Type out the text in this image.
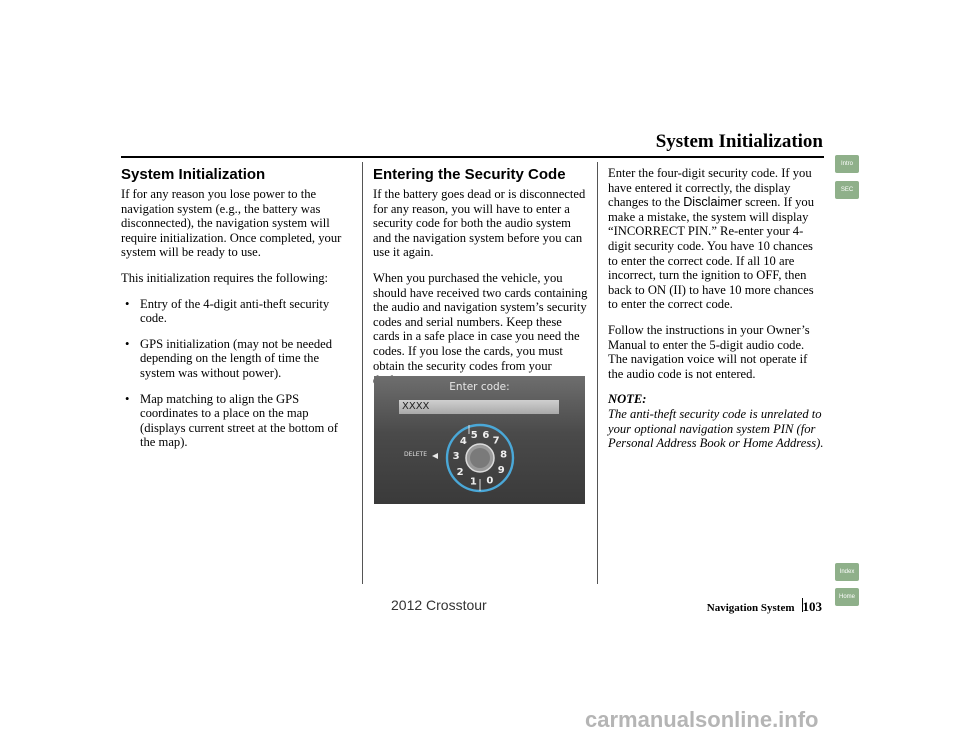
System Initialization
System Initialization

If for any reason you lose power to the navigation system (e.g., the battery was disconnected), the navigation system will require initialization. Once completed, your system will be ready to use.

This initialization requires the following:

• Entry of the 4-digit anti-theft security code.
• GPS initialization (may not be needed depending on the length of time the system was without power).
• Map matching to align the GPS coordinates to a place on the map (displays current street at the bottom of the map).
Entering the Security Code

If the battery goes dead or is disconnected for any reason, you will have to enter a security code for both the audio system and the navigation system before you can use it again.

When you purchased the vehicle, you should have received two cards containing the audio and navigation system’s security codes and serial numbers. Keep these cards in a safe place in case you need the codes. If you lose the cards, you must obtain the security codes from your

Enter code:
XXXX
DELETE
1
2
3
4
5 6 7
8
9
0

Enter the four-digit security code. If you have entered it correctly, the display changes to the Disclaimer screen. If you make a mistake, the system will display “INCORRECT PIN.” Re-enter your 4-digit security code. You have 10 chances to enter the correct code. If all 10 are incorrect, turn the ignition to OFF, then back to ON (II) to have 10 more chances to enter the correct code.

Follow the instructions in your Owner’s Manual to enter the 5-digit audio code. The navigation voice will not operate if the audio code is not entered.

NOTE:

The anti-theft security code is unrelated to your optional navigation system PIN (for Personal Address Book or Home Address).

Intro
SEC
Index
Home
Navigation System 103
2012 Crosstour
carmanualsonline.info
